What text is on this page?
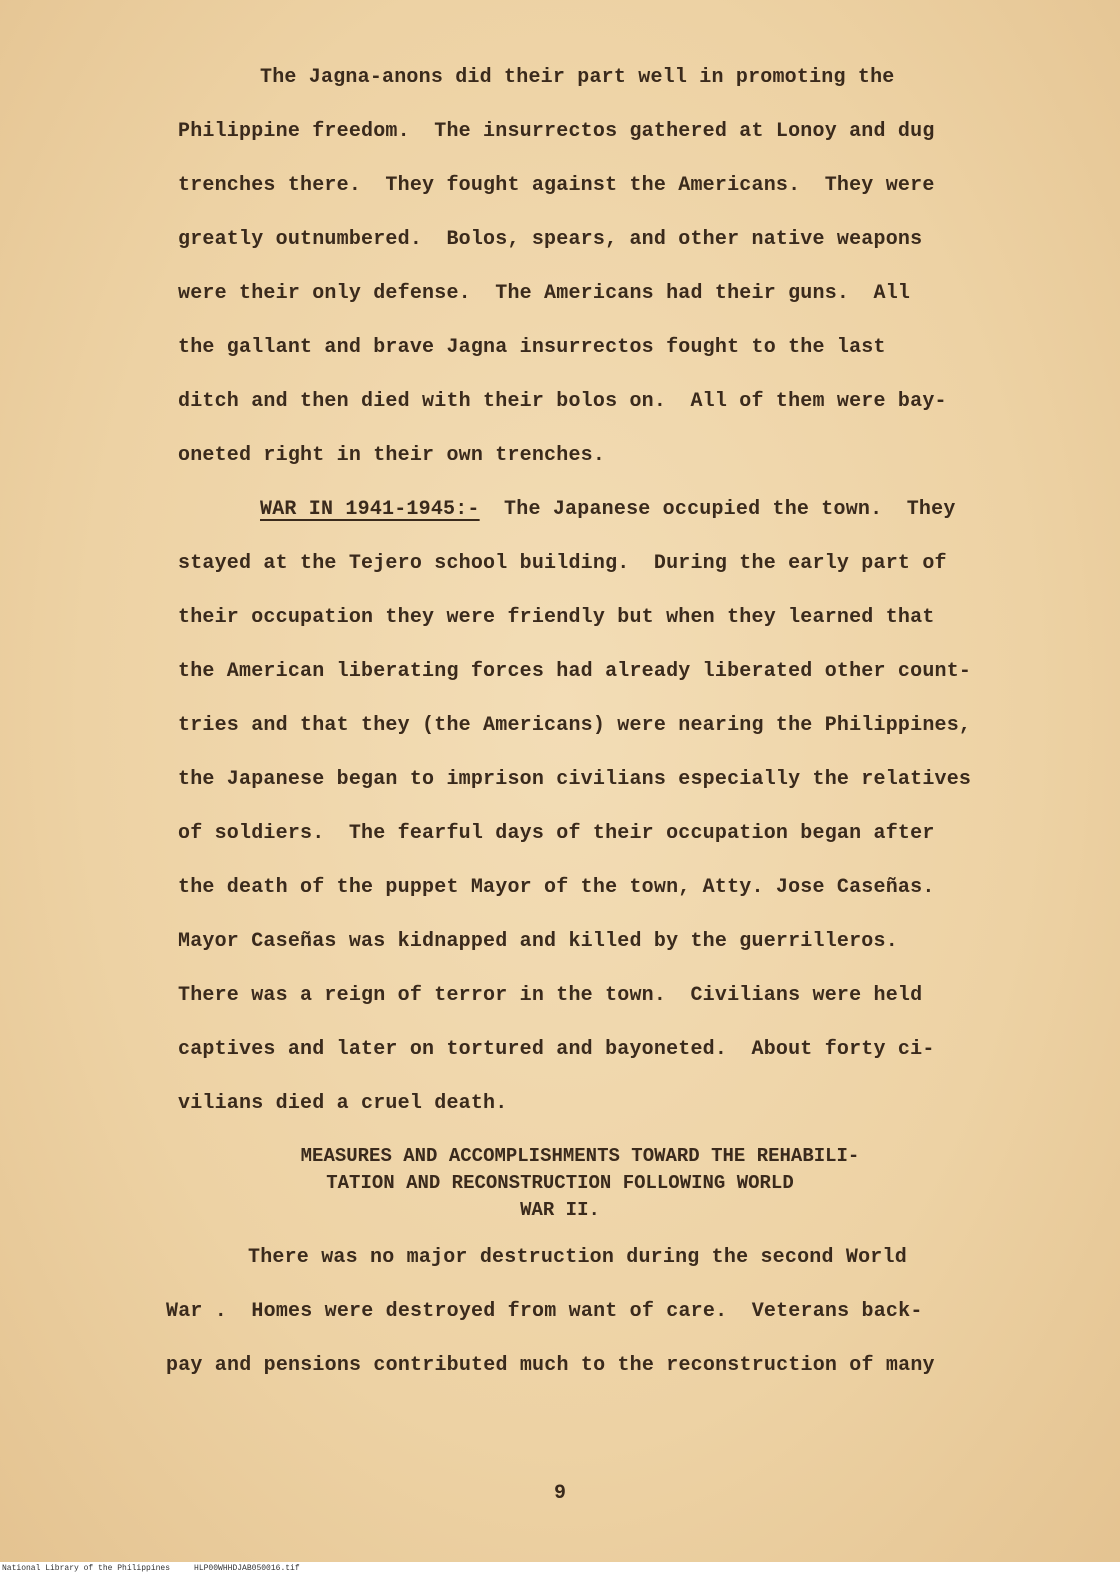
The Jagna-anons did their part well in promoting the
Philippine freedom.  The insurrectos gathered at Lonoy and dug
trenches there.  They fought against the Americans.  They were
greatly outnumbered.  Bolos, spears, and other native weapons
were their only defense.  The Americans had their guns.  All
the gallant and brave Jagna insurrectos fought to the last
ditch and then died with their bolos on.  All of them were bay-
oneted right in their own trenches.
WAR IN 1941-1945:-  The Japanese occupied the town.  They
stayed at the Tejero school building.  During the early part of
their occupation they were friendly but when they learned that
the American liberating forces had already liberated other count-
tries and that they (the Americans) were nearing the Philippines,
the Japanese began to imprison civilians especially the relatives
of soldiers.  The fearful days of their occupation began after
the death of the puppet Mayor of the town, Atty. Jose Caseñas.
Mayor Caseñas was kidnapped and killed by the guerrilleros.
There was a reign of terror in the town.  Civilians were held
captives and later on tortured and bayoneted.  About forty ci-
vilians died a cruel death.
MEASURES AND ACCOMPLISHMENTS TOWARD THE REHABILI-
TATION AND RECONSTRUCTION FOLLOWING WORLD
WAR II.
There was no major destruction during the second World
War .  Homes were destroyed from want of care.  Veterans back-
pay and pensions contributed much to the reconstruction of many
9
National Library of the Philippines     HLP00WHHDJAB050016.tif
